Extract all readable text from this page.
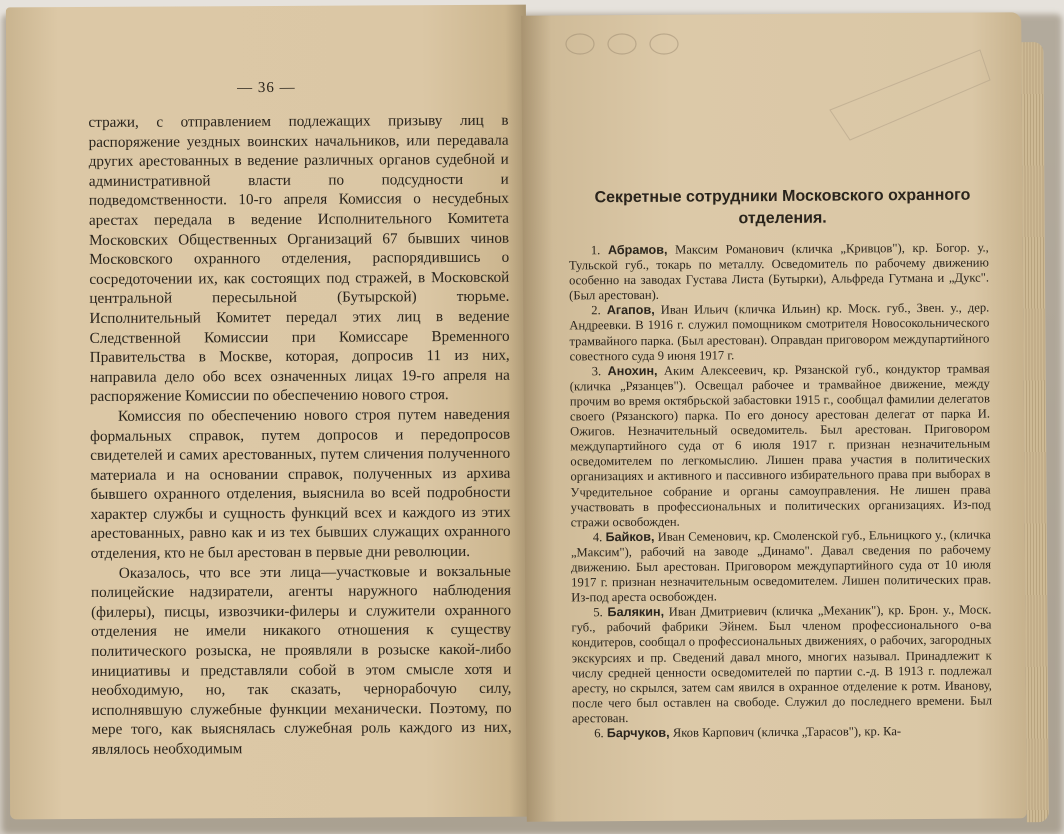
— 36 —

стражи, с отправлением подлежащих призыву лиц в распоряжение уездных воинских начальников, или передавала других арестованных в ведение различных органов судебной и административной власти по подсудности и подведомственности. 10-го апреля Комиссия о несудебных арестах передала в ведение Исполнительного Комитета Московских Общественных Организаций 67 бывших чинов Московского охранного отделения, распорядившись о сосредоточении их, как состоящих под стражей, в Московской центральной пересыльной (Бутырской) тюрьме. Исполнительный Комитет передал этих лиц в ведение Следственной Комиссии при Комиссаре Временного Правительства в Москве, которая, допросив 11 из них, направила дело обо всех означенных лицах 19-го апреля на распоряжение Комиссии по обеспечению нового строя.

Комиссия по обеспечению нового строя путем наведения формальных справок, путем допросов и передопросов свидетелей и самих арестованных, путем сличения полученного материала и на основании справок, полученных из архива бывшего охранного отделения, выяснила во всей подробности характер службы и сущность функций всех и каждого из этих арестованных, равно как и из тех бывших служащих охранного отделения, кто не был арестован в первые дни революции.

Оказалось, что все эти лица—участковые и вокзальные полицейские надзиратели, агенты наружного наблюдения (филеры), писцы, извозчики-филеры и служители охранного отделения не имели никакого отношения к существу политического розыска, не проявляли в розыске какой-либо инициативы и представляли собой в этом смысле хотя и необходимую, но, так сказать, чернорабочую силу, исполнявшую служебные функции механически. Поэтому, по мере того, как выяснялась служебная роль каждого из них, являлось необходимым

Секретные сотрудники Московского охранного отделения.

1. Абрамов, Максим Романович (кличка „Кривцов"), кр. Богор. у., Тульской губ., токарь по металлу. Осведомитель по рабочему движению особенно на заводах Густава Листа (Бутырки), Альфреда Гутмана и „Дукс". (Был арестован).

2. Агапов, Иван Ильич (кличка Ильин) кр. Моск. губ., Звен. у., дер. Андреевки. В 1916 г. служил помощником смотрителя Новосокольнического трамвайного парка. (Был арестован). Оправдан приговором междупартийного совестного суда 9 июня 1917 г.

3. Анохин, Аким Алексеевич, кр. Рязанской губ., кондуктор трамвая (кличка „Рязанцев"). Освещал рабочее и трамвайное движение, между прочим во время октябрьской забастовки 1915 г., сообщал фамилии делегатов своего (Рязанского) парка. По его доносу арестован делегат от парка И. Ожигов. Незначительный осведомитель. Был арестован. Приговором междупартийного суда от 6 июля 1917 г. признан незначительным осведомителем по легкомыслию. Лишен права участия в политических организациях и активного и пассивного избирательного права при выборах в Учредительное собрание и органы самоуправления. Не лишен права участвовать в профессиональных и политических организациях. Из-под стражи освобожден.

4. Байков, Иван Семенович, кр. Смоленской губ., Ельницкого у., (кличка „Максим"), рабочий на заводе „Динамо". Давал сведения по рабочему движению. Был арестован. Приговором междупартийного суда от 10 июля 1917 г. признан незначительным осведомителем. Лишен политических прав. Из-под ареста освобожден.

5. Балякин, Иван Дмитриевич (кличка „Механик"), кр. Брон. у., Моск. губ., рабочий фабрики Эйнем. Был членом профессионального о-ва кондитеров, сообщал о профессиональных движениях, о рабочих, загородных экскурсиях и пр. Сведений давал много, многих называл. Принадлежит к числу средней ценности осведомителей по партии с.-д. В 1913 г. подлежал аресту, но скрылся, затем сам явился в охранное отделение к ротм. Иванову, после чего был оставлен на свободе. Служил до последнего времени. Был арестован.

6. Барчуков, Яков Карпович (кличка „Тарасов"), кр. Ка-
